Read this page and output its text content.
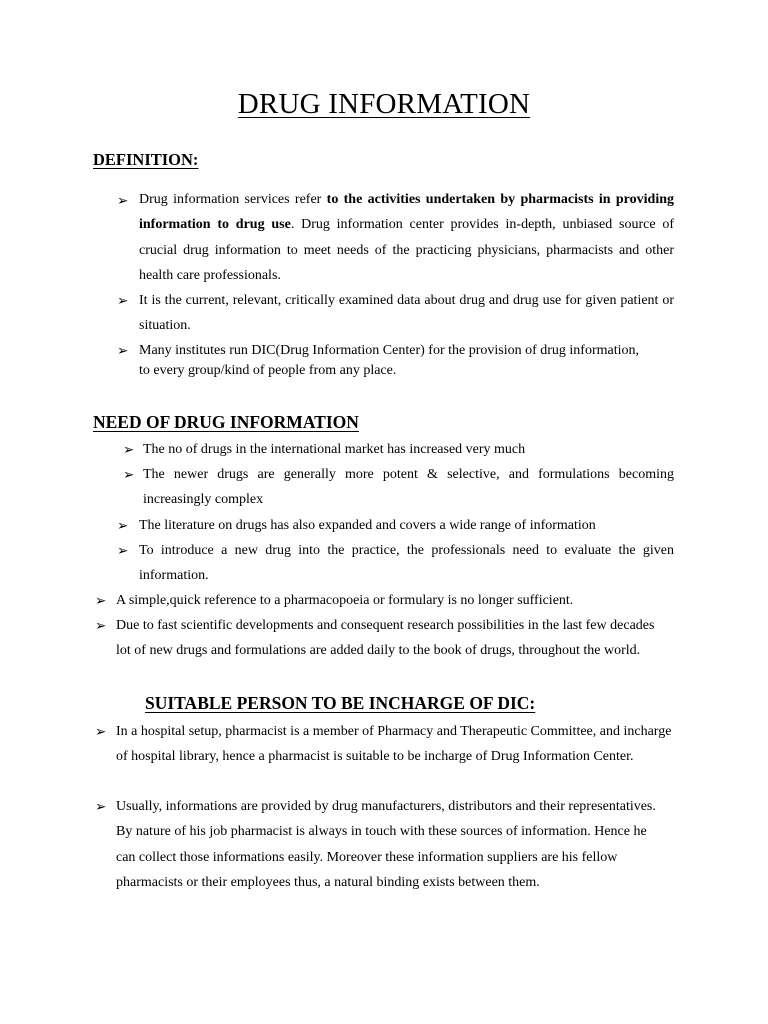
DRUG INFORMATION
DEFINITION:
➢ Drug information services refer to the activities undertaken by pharmacists in providing information to drug use. Drug information center provides in-depth, unbiased source of crucial drug information to meet needs of the practicing physicians, pharmacists and other health care professionals.
➢ It is the current, relevant, critically examined data about drug and drug use for given patient or situation.
➢ Many institutes run DIC(Drug Information Center) for the provision of drug information, to every group/kind of people from any place.
NEED OF DRUG INFORMATION
➢ The no of drugs in the international market has increased very much
➢ The newer drugs are generally more potent & selective, and formulations becoming increasingly complex
➢ The literature on drugs has also expanded and covers a wide range of information
➢ To introduce a new drug into the practice, the professionals need to evaluate the given information.
➢ A simple,quick reference to a pharmacopoeia or formulary is no longer sufficient.
➢ Due to fast scientific developments and consequent research possibilities in the last few decades lot of new drugs and formulations are added daily to the book of drugs, throughout the world.
SUITABLE PERSON TO BE INCHARGE OF DIC:
➢ In a hospital setup, pharmacist is a member of Pharmacy and Therapeutic Committee, and incharge of hospital library, hence a pharmacist is suitable to be incharge of Drug Information Center.
➢ Usually, informations are provided by drug manufacturers, distributors and their representatives. By nature of his job pharmacist is always in touch with these sources of information. Hence he can collect those informations easily. Moreover these information suppliers are his fellow pharmacists or their employees thus, a natural binding exists between them.
